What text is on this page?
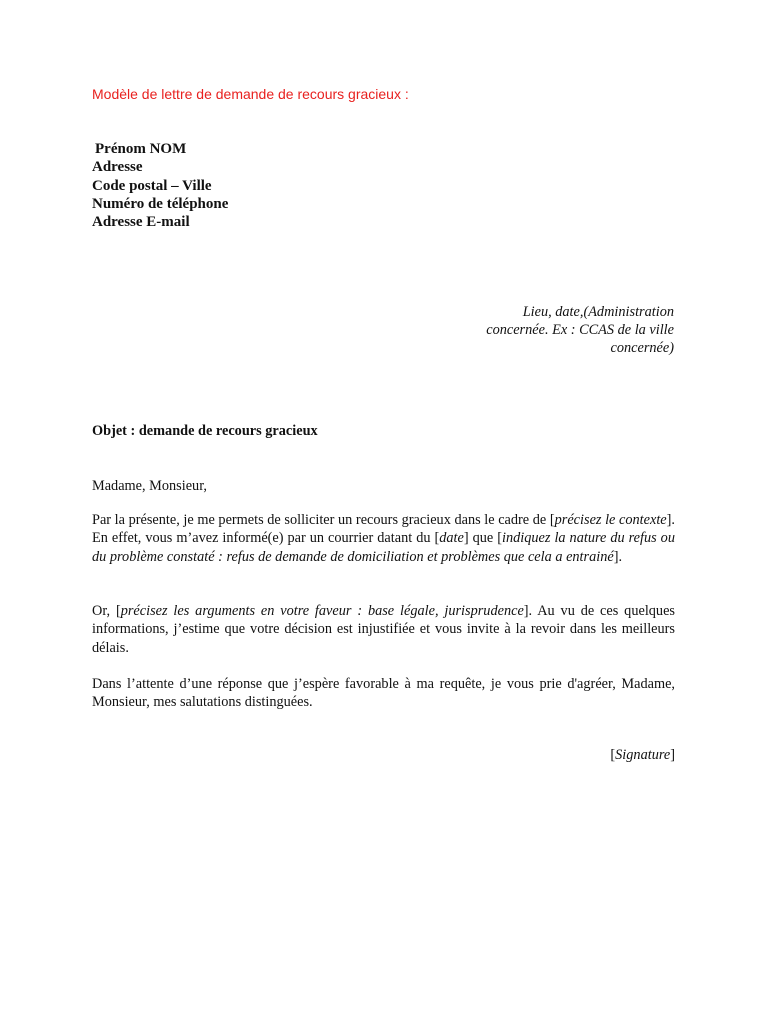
Modèle de lettre de demande de recours gracieux :

Prénom NOM
Adresse
Code postal – Ville
Numéro de téléphone
Adresse E-mail
Lieu, date,(Administration
concernée. Ex : CCAS de la ville
concernée)
Objet : demande de recours gracieux
Madame, Monsieur,

Par la présente, je me permets de solliciter un recours gracieux dans le cadre de [précisez le contexte]. En effet, vous m’avez informé(e) par un courrier datant du [date] que [indiquez la nature du refus ou du problème constaté : refus de demande de domiciliation et problèmes que cela a entrainé].

Or, [précisez les arguments en votre faveur : base légale, jurisprudence]. Au vu de ces quelques informations, j’estime que votre décision est injustifiée et vous invite à la revoir dans les meilleurs délais.

Dans l’attente d’une réponse que j’espère favorable à ma requête, je vous prie d'agréer, Madame, Monsieur, mes salutations distinguées.

[Signature]
